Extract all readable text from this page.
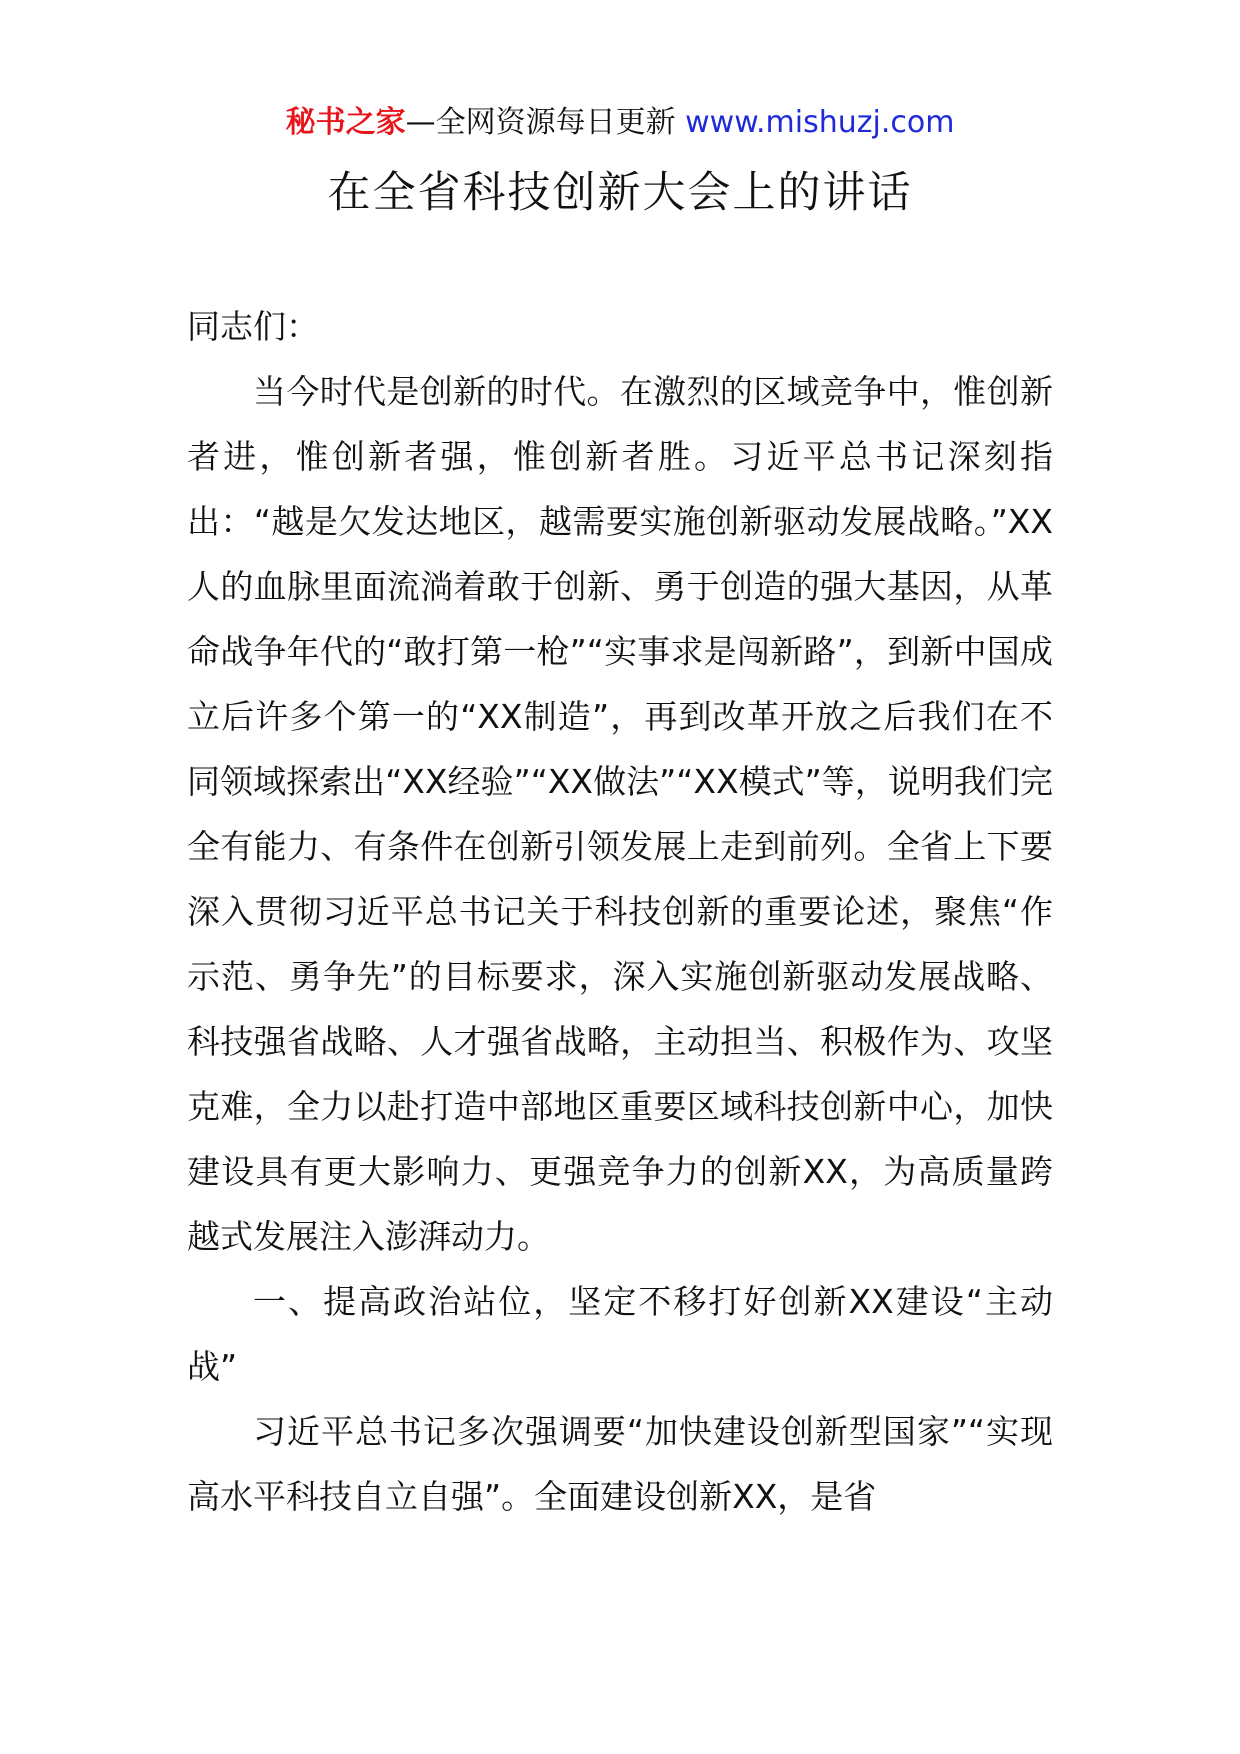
秘书之家—全网资源每日更新 www.mishuzj.com
在全省科技创新大会上的讲话

同志们：

当今时代是创新的时代。在激烈的区域竞争中，惟创新者进，惟创新者强，惟创新者胜。习近平总书记深刻指出：“越是欠发达地区，越需要实施创新驱动发展战略。”XX人的血脉里面流淌着敢于创新、勇于创造的强大基因，从革命战争年代的“敢打第一枪”“实事求是闯新路”，到新中国成立后许多个第一的“XX制造”，再到改革开放之后我们在不同领域探索出“XX经验”“XX做法”“XX模式”等，说明我们完全有能力、有条件在创新引领发展上走到前列。全省上下要深入贯彻习近平总书记关于科技创新的重要论述，聚焦“作示范、勇争先”的目标要求，深入实施创新驱动发展战略、科技强省战略、人才强省战略，主动担当、积极作为、攻坚克难，全力以赴打造中部地区重要区域科技创新中心，加快建设具有更大影响力、更强竞争力的创新XX，为高质量跨越式发展注入澎湃动力。

一、提高政治站位，坚定不移打好创新XX建设“主动战”

习近平总书记多次强调要“加快建设创新型国家”“实现高水平科技自立自强”。全面建设创新XX，是省
